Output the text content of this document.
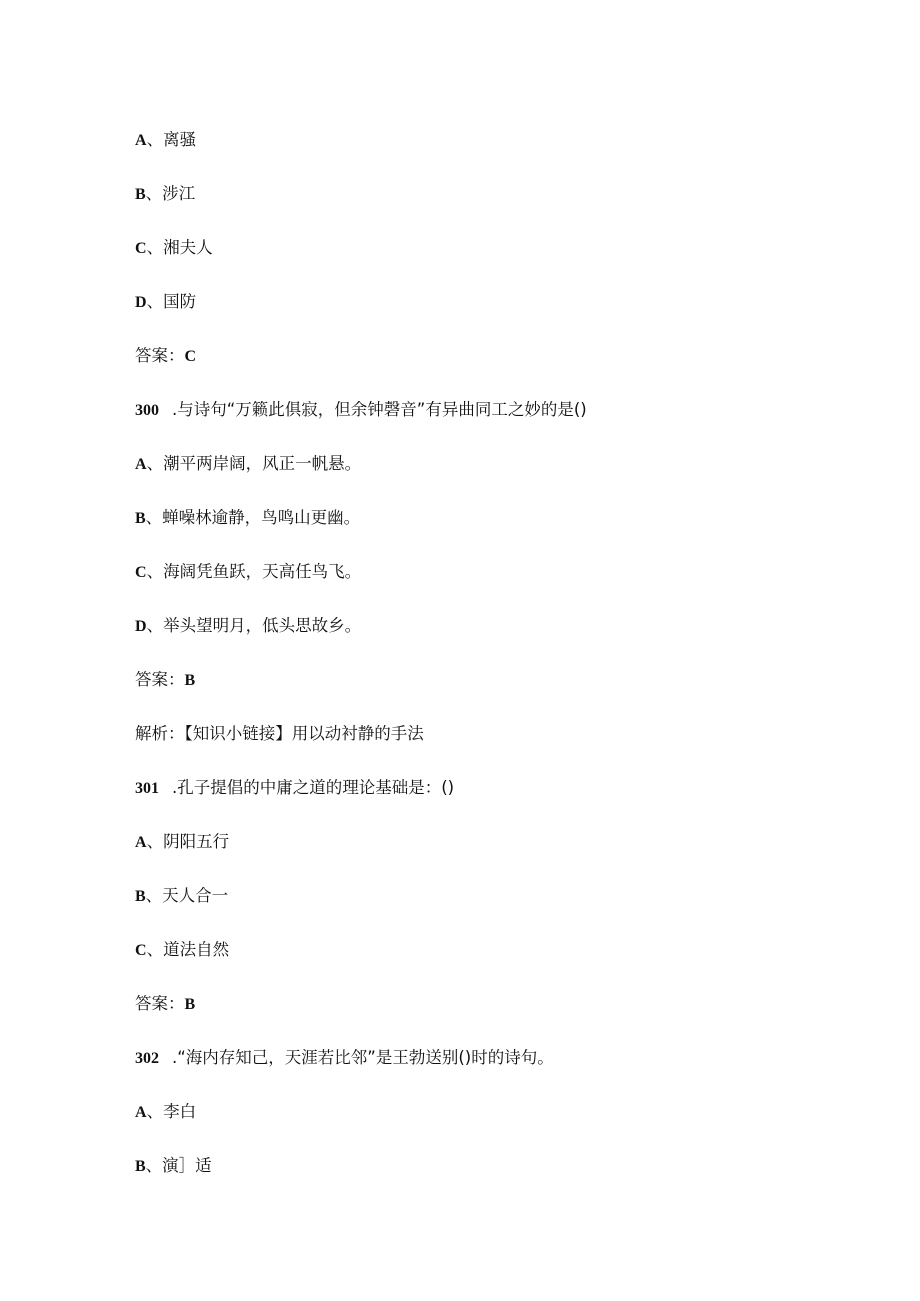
A、离骚
B、涉江
C、湘夫人
D、国防
答案：C
300 .与诗句“万籁此俱寂，但余钟磬音”有异曲同工之妙的是()
A、潮平两岸阔，风正一帆悬。
B、蝉噪林逾静，鸟鸣山更幽。
C、海阔凭鱼跃，天高任鸟飞。
D、举头望明月，低头思故乡。
答案：B
解析：【知识小链接】用以动衬静的手法
301 .孔子提倡的中庸之道的理论基础是：()
A、阴阳五行
B、天人合一
C、道法自然
答案：B
302 .“海内存知己，天涯若比邻”是王勃送别()时的诗句。
A、李白
B、演］适
